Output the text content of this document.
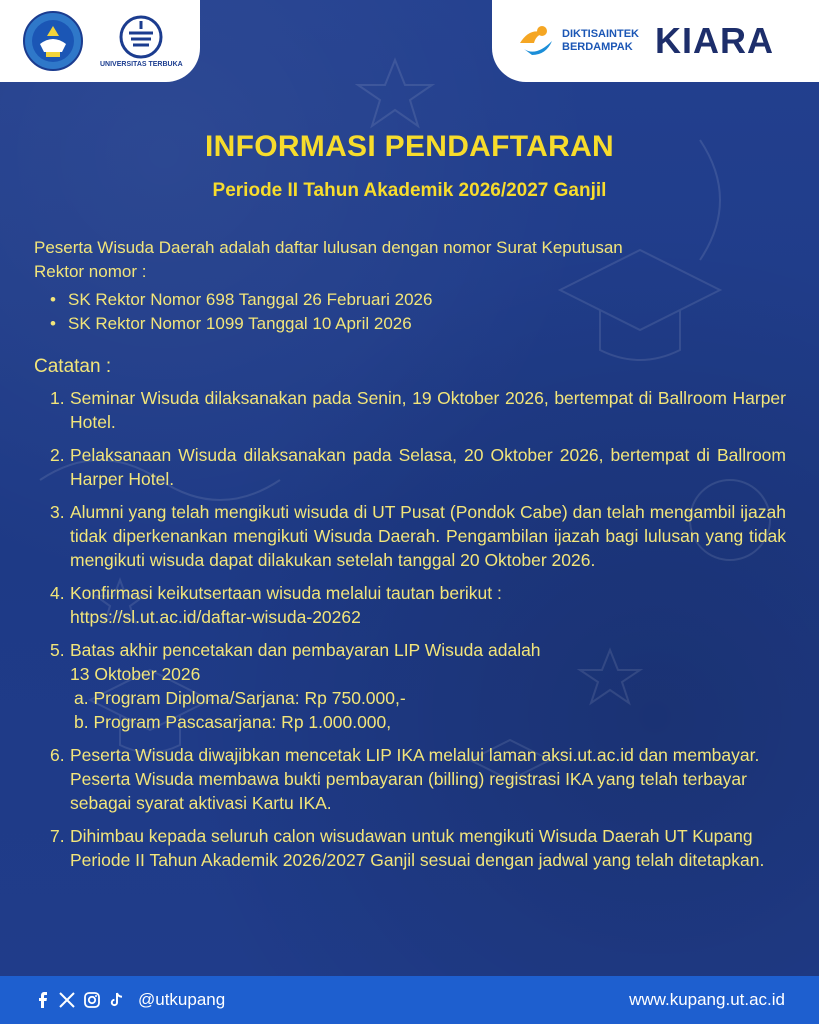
UNIVERSITAS TERBUKA
DIKTISAINTEK
BERDAMPAK KIARA
INFORMASI PENDAFTARAN
Periode II Tahun Akademik 2026/2027 Ganjil
Peserta Wisuda Daerah adalah daftar lulusan dengan nomor Surat Keputusan Rektor nomor :
• SK Rektor Nomor 698 Tanggal 26 Februari 2026
• SK Rektor Nomor 1099 Tanggal 10 April 2026
Catatan :
1. Seminar Wisuda dilaksanakan pada Senin, 19 Oktober 2026, bertempat di Ballroom Harper Hotel.
2. Pelaksanaan Wisuda dilaksanakan pada Selasa, 20 Oktober 2026, bertempat di Ballroom Harper Hotel.
3. Alumni yang telah mengikuti wisuda di UT Pusat (Pondok Cabe) dan telah mengambil ijazah tidak diperkenankan mengikuti Wisuda Daerah. Pengambilan ijazah bagi lulusan yang tidak mengikuti wisuda dapat dilakukan setelah tanggal 20 Oktober 2026.
4. Konfirmasi keikutsertaan wisuda melalui tautan berikut :
https://sl.ut.ac.id/daftar-wisuda-20262
5. Batas akhir pencetakan dan pembayaran LIP Wisuda adalah
13 Oktober 2026
a. Program Diploma/Sarjana: Rp 750.000,-
b. Program Pascasarjana: Rp 1.000.000,
6. Peserta Wisuda diwajibkan mencetak LIP IKA melalui laman aksi.ut.ac.id dan membayar. Peserta Wisuda membawa bukti pembayaran (billing) registrasi IKA yang telah terbayar sebagai syarat aktivasi Kartu IKA.
7. Dihimbau kepada seluruh calon wisudawan untuk mengikuti Wisuda Daerah UT Kupang Periode II Tahun Akademik 2026/2027 Ganjil sesuai dengan jadwal yang telah ditetapkan.
@utkupang	www.kupang.ut.ac.id
